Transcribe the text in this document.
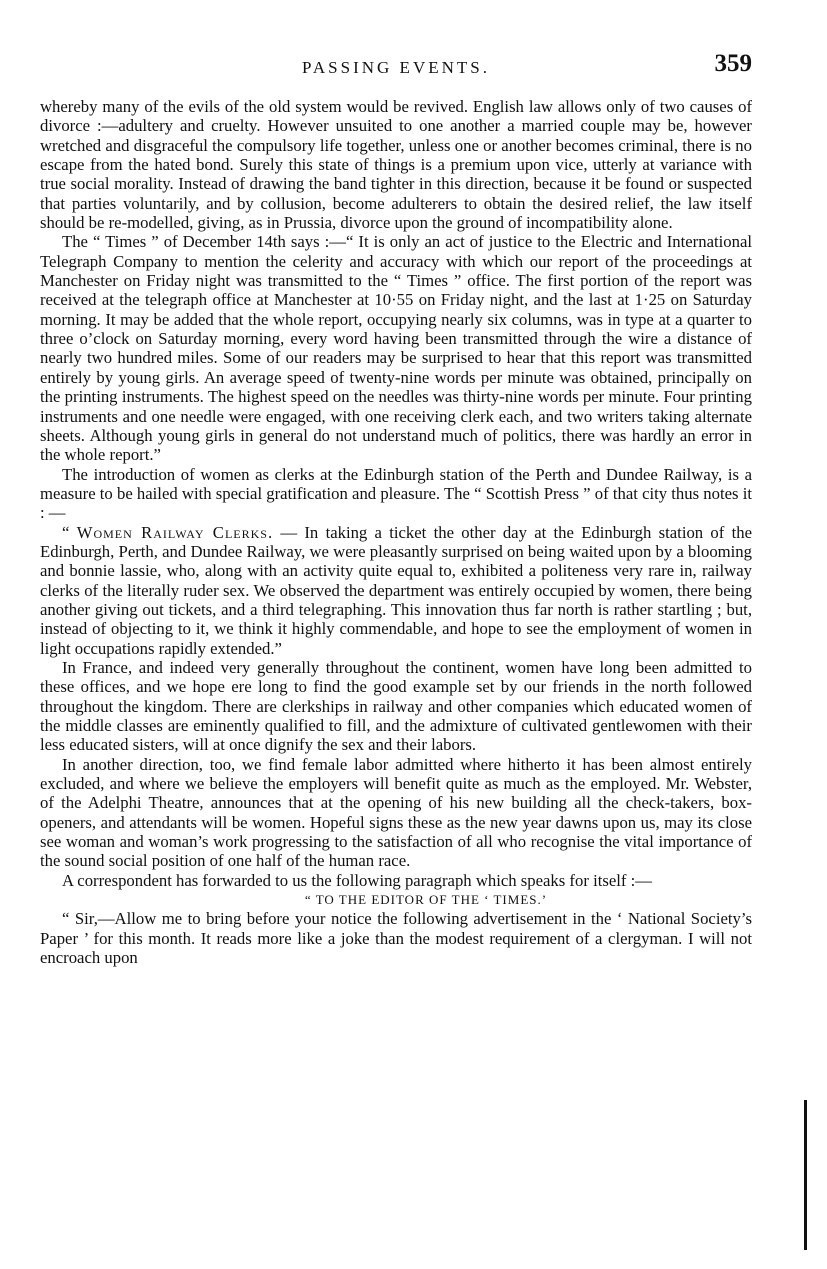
PASSING EVENTS.	359

whereby many of the evils of the old system would be revived. English law allows only of two causes of divorce :—adultery and cruelty. However unsuited to one another a married couple may be, however wretched and disgraceful the compulsory life together, unless one or another becomes criminal, there is no escape from the hated bond. Surely this state of things is a premium upon vice, utterly at variance with true social morality. Instead of drawing the band tighter in this direction, because it be found or suspected that parties voluntarily, and by collusion, become adulterers to obtain the desired relief, the law itself should be re-modelled, giving, as in Prussia, divorce upon the ground of incompatibility alone.

The “ Times ” of December 14th says :—“ It is only an act of justice to the Electric and International Telegraph Company to mention the celerity and accuracy with which our report of the proceedings at Manchester on Friday night was transmitted to the “ Times ” office. The first portion of the report was received at the telegraph office at Manchester at 10·55 on Friday night, and the last at 1·25 on Saturday morning. It may be added that the whole report, occupying nearly six columns, was in type at a quarter to three o’clock on Saturday morning, every word having been transmitted through the wire a distance of nearly two hundred miles. Some of our readers may be surprised to hear that this report was transmitted entirely by young girls. An average speed of twenty-nine words per minute was obtained, principally on the printing instruments. The highest speed on the needles was thirty-nine words per minute. Four printing instruments and one needle were engaged, with one receiving clerk each, and two writers taking alternate sheets. Although young girls in general do not understand much of politics, there was hardly an error in the whole report.”

The introduction of women as clerks at the Edinburgh station of the Perth and Dundee Railway, is a measure to be hailed with special gratification and pleasure. The “ Scottish Press ” of that city thus notes it : —

“ Women Railway Clerks. — In taking a ticket the other day at the Edinburgh station of the Edinburgh, Perth, and Dundee Railway, we were pleasantly surprised on being waited upon by a blooming and bonnie lassie, who, along with an activity quite equal to, exhibited a politeness very rare in, railway clerks of the literally ruder sex. We observed the department was entirely occupied by women, there being another giving out tickets, and a third telegraphing. This innovation thus far north is rather startling ; but, instead of objecting to it, we think it highly commendable, and hope to see the employment of women in light occupations rapidly extended.”

In France, and indeed very generally throughout the continent, women have long been admitted to these offices, and we hope ere long to find the good example set by our friends in the north followed throughout the kingdom. There are clerkships in railway and other companies which educated women of the middle classes are eminently qualified to fill, and the admixture of cultivated gentlewomen with their less educated sisters, will at once dignify the sex and their labors.

In another direction, too, we find female labor admitted where hitherto it has been almost entirely excluded, and where we believe the employers will benefit quite as much as the employed. Mr. Webster, of the Adelphi Theatre, announces that at the opening of his new building all the check-takers, box-openers, and attendants will be women. Hopeful signs these as the new year dawns upon us, may its close see woman and woman’s work progressing to the satisfaction of all who recognise the vital importance of the sound social position of one half of the human race.

A correspondent has forwarded to us the following paragraph which speaks for itself :—

“ TO THE EDITOR OF THE ‘ TIMES.’

“ Sir,—Allow me to bring before your notice the following advertisement in the ‘ National Society’s Paper ’ for this month. It reads more like a joke than the modest requirement of a clergyman. I will not encroach upon
